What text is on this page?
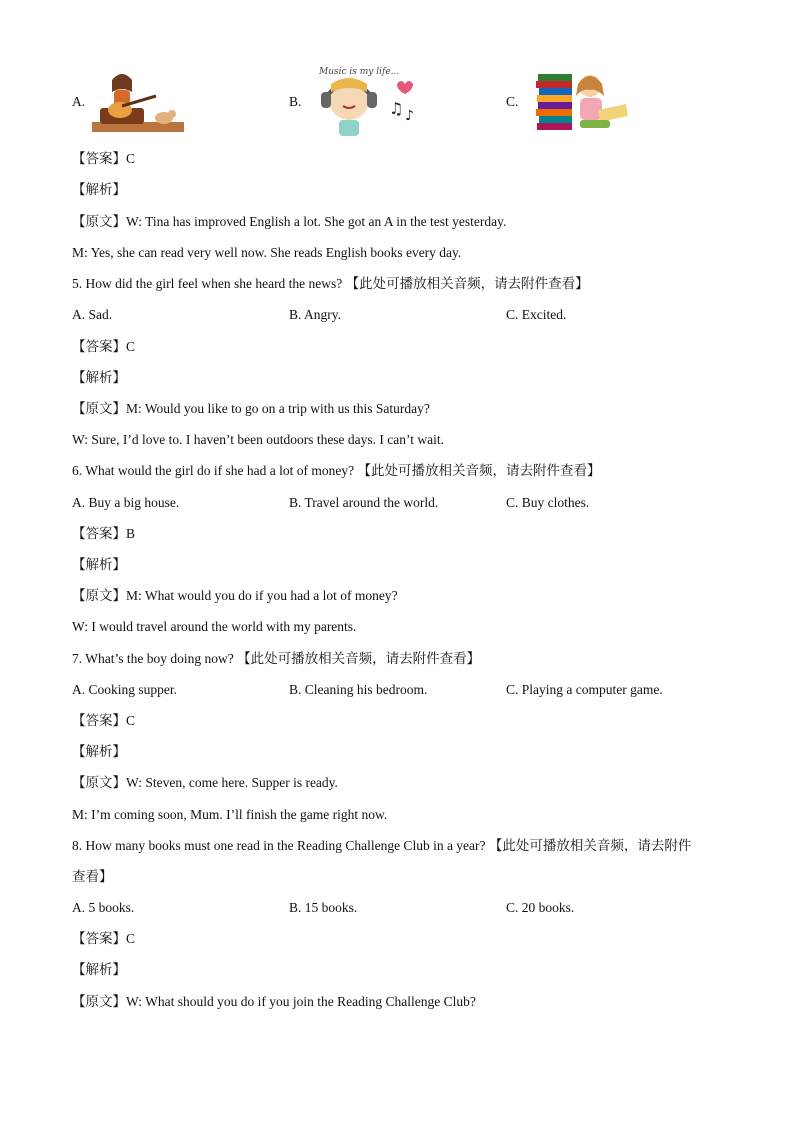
A.	B.
Music is my life...
♫ ♪
C.
【答案】C
【解析】
【原文】W: Tina has improved English a lot. She got an A in the test yesterday.
M: Yes, she can read very well now. She reads English books every day.
5. How did the girl feel when she heard the news? 【此处可播放相关音频，请去附件查看】
A. Sad.	B. Angry.	C. Excited.
【答案】C
【解析】
【原文】M: Would you like to go on a trip with us this Saturday?
W: Sure, I’d love to. I haven’t been outdoors these days. I can’t wait.
6. What would the girl do if she had a lot of money? 【此处可播放相关音频，请去附件查看】
A. Buy a big house.	B. Travel around the world.	C. Buy clothes.
【答案】B
【解析】
【原文】M: What would you do if you had a lot of money?
W: I would travel around the world with my parents.
7. What’s the boy doing now? 【此处可播放相关音频，请去附件查看】
A. Cooking supper.	B. Cleaning his bedroom.	C. Playing a computer game.
【答案】C
【解析】
【原文】W: Steven, come here. Supper is ready.
M: I’m coming soon, Mum. I’ll finish the game right now.
8. How many books must one read in the Reading Challenge Club in a year? 【此处可播放相关音频，请去附件
查看】
A. 5 books.	B. 15 books.	C. 20 books.
【答案】C
【解析】
【原文】W: What should you do if you join the Reading Challenge Club?
